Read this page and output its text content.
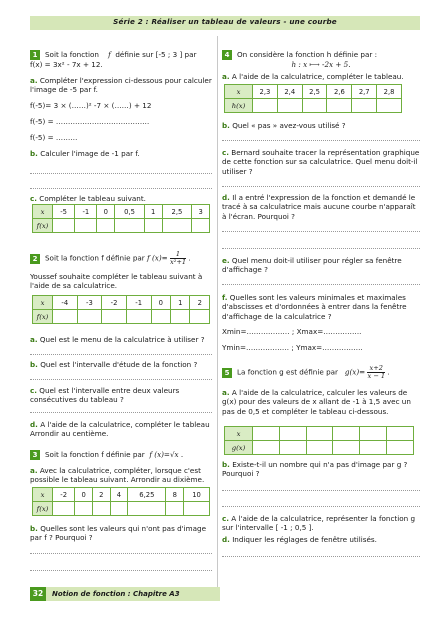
Série 2 : Réaliser un tableau de valeurs - une courbe
1 Soit la fonction f définie sur [-5 ; 3 ] par
f(x) = 3x² - 7x + 12.
a. Compléter l'expression ci-dessous pour calculer l'image de -5 par f.
f(-5)= 3 × (……)² -7 × (……) + 12
f(-5) = …………………………………
f(-5) = ………
b. Calculer l'image de -1 par f.
c. Compléter le tableau suivant.
x	-5	-1	0	0,5	1	2,5	3
f(x)							
2 Soit la fonction f définie par f $(x)= \frac{1}{\text{x²+1}}$ .
Youssef souhaite compléter le tableau suivant à l'aide de sa calculatrice.
x	-4	-3	-2	-1	0	1	2
f(x)							
a. Quel est le menu de la calculatrice à utiliser ?
b. Quel est l'intervalle d'étude de la fonction ?
c. Quel est l'intervalle entre deux valeurs consécutives du tableau ?
d. A l'aide de la calculatrice, compléter le tableau Arrondir au centième.
3 Soit la fonction f définie par f (x)=√x .
a. Avec la calculatrice, compléter, lorsque c'est possible le tableau suivant. Arrondir au dixième.
x	-2	0	2	4	6,25	8	10
f(x)							
b. Quelles sont les valeurs qui n'ont pas d'image par f ? Pourquoi ?
4 On considère la fonction h définie par :
h : x ⟼ -2x + 5.
a. A l'aide de la calculatrice, compléter le tableau.
x	2,3	2,4	2,5	2,6	2,7	2,8
h(x)						
b. Quel « pas » avez-vous utilisé ?
c. Bernard souhaite tracer la représentation graphique de cette fonction sur sa calculatrice. Quel menu doit-il utiliser ?
d. Il a entré l'expression de la fonction et demandé le tracé à sa calculatrice mais aucune courbe n'apparaît à l'écran. Pourquoi ?
e. Quel menu doit-il utiliser pour régler sa fenêtre d'affichage ?
f. Quelles sont les valeurs minimales et maximales d'abscisses et d'ordonnées à entrer dans la fenêtre d'affichage de la calculatrice ?
Xmin=……………… ; Xmax=…………….
Ymin=……………… ; Ymax=……………..
5 La fonction g est définie par $g(x)= \frac{x+2}{x - 1}$ .
a. A l'aide de la calculatrice, calculer les valeurs de g(x) pour des valeurs de x allant de -1 à 1,5 avec un pas de 0,5 et compléter le tableau ci-dessous.
x						
g(x)						
b. Existe-t-il un nombre qui n'a pas d'image par g ? Pourquoi ?
c. A l'aide de la calculatrice, représenter la fonction g sur l'intervalle [ -1 ; 0,5 ].
d. Indiquer les réglages de fenêtre utilisés.
32	Notion de fonction : Chapitre A3
